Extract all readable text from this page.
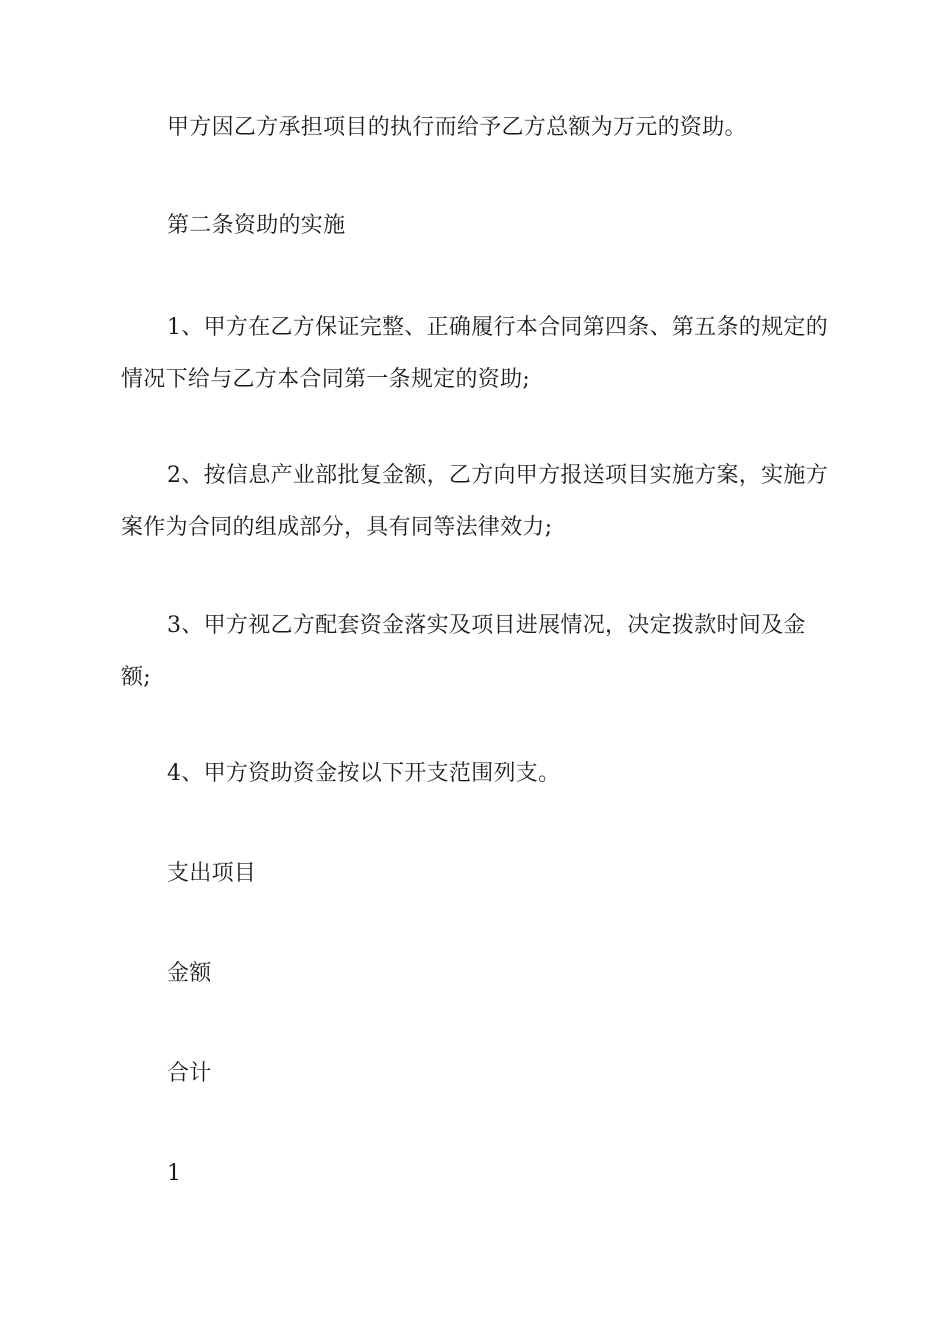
甲方因乙方承担项目的执行而给予乙方总额为万元的资助。

第二条资助的实施

1、甲方在乙方保证完整、正确履行本合同第四条、第五条的规定的情况下给与乙方本合同第一条规定的资助;

2、按信息产业部批复金额，乙方向甲方报送项目实施方案，实施方案作为合同的组成部分，具有同等法律效力;

3、甲方视乙方配套资金落实及项目进展情况，决定拨款时间及金额;

4、甲方资助资金按以下开支范围列支。

支出项目

金额

合计

1
